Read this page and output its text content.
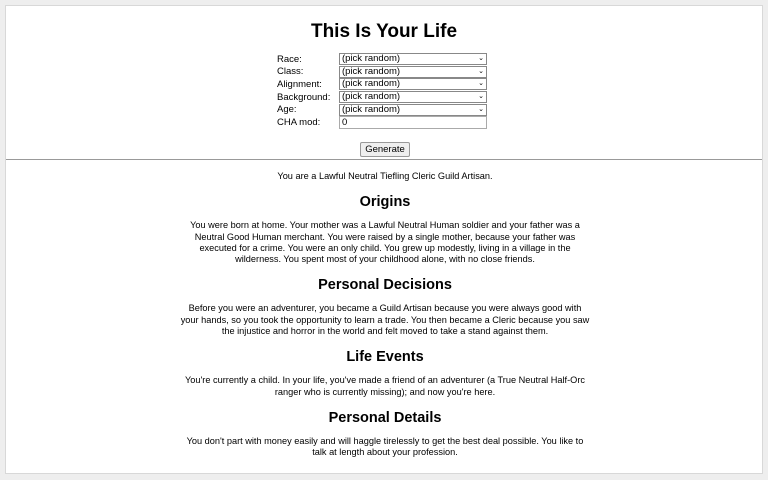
This Is Your Life
Race:	(pick random)	⌄
Class:	(pick random)	⌄
Alignment:	(pick random)	⌄
Background:	(pick random)	⌄
Age:	(pick random)	⌄
CHA mod:	0
Generate

You are a Lawful Neutral Tiefling Cleric Guild Artisan.

Origins

You were born at home. Your mother was a Lawful Neutral Human soldier and your father was a Neutral Good Human merchant. You were raised by a single mother, because your father was executed for a crime. You were an only child. You grew up modestly, living in a village in the wilderness. You spent most of your childhood alone, with no close friends.

Personal Decisions

Before you were an adventurer, you became a Guild Artisan because you were always good with your hands, so you took the opportunity to learn a trade. You then became a Cleric because you saw the injustice and horror in the world and felt moved to take a stand against them.

Life Events

You're currently a child. In your life, you've made a friend of an adventurer (a True Neutral Half-Orc ranger who is currently missing); and now you're here.

Personal Details

You don't part with money easily and will haggle tirelessly to get the best deal possible. You like to talk at length about your profession.
